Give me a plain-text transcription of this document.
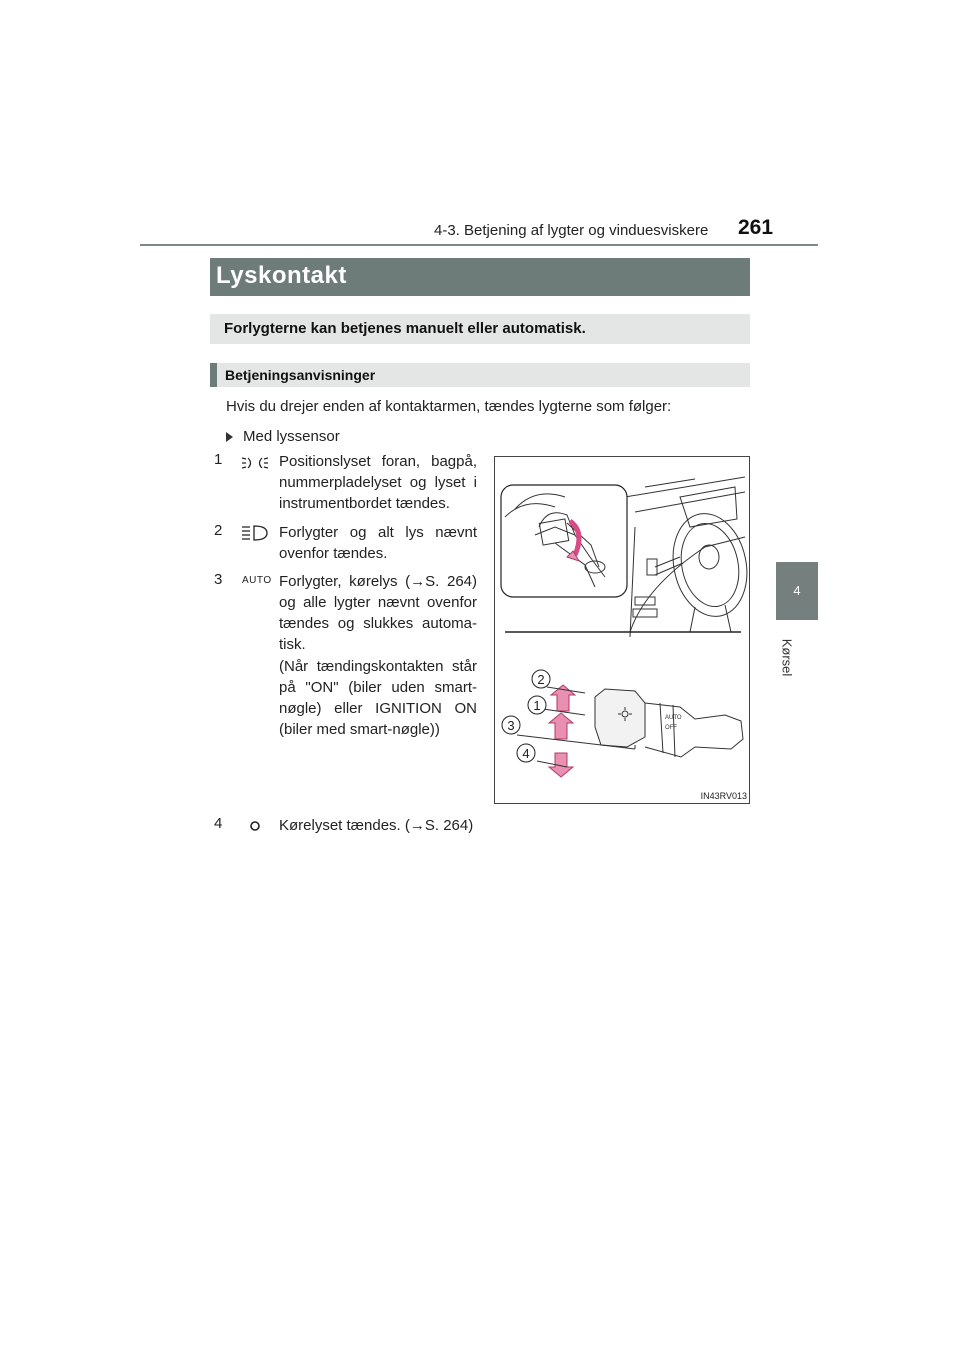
4-3. Betjening af lygter og vinduesviskere 261
4
Kørsel
Lyskontakt
Forlygterne kan betjenes manuelt eller automatisk.
Betjeningsanvisninger
Hvis du drejer enden af kontaktarmen, tændes lygterne som følger:
Med lyssensor
1	Positionslyset foran, bagpå, nummerpladelyset og lyset i instrumentbordet tændes.
2	Forlygter og alt lys nævnt ovenfor tændes.
3 AUTO Forlygter, kørelys (→S. 264) og alle lygter nævnt ovenfor tændes og slukkes automa-tisk.
(Når tændingskontakten står på "ON" (biler uden smart-nøgle) eller IGNITION ON (biler med smart-nøgle))
4	Kørelyset tændes. (→S. 264)
AUTO
OFF
2
1
3
4
IN43RV013
